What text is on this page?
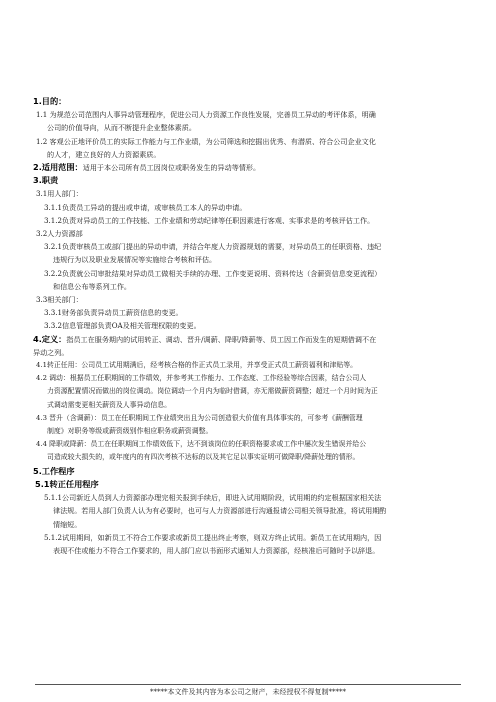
1.目的：

1.1 为规范公司范围内人事异动管理程序，促进公司人力资源工作良性发展，完善员工异动的考评体系，明确

公司的价值导向，从而不断提升企业整体素质。

1.2 客观公正地评价员工的实际工作能力与工作业绩，为公司筛选和挖掘出优秀、有潜质、符合公司企业文化

的人才，建立良好的人力资源素质。

2.适用范围：适用于本公司所有员工因岗位或职务发生的异动等情形。

3.职责

3.1用人部门：

3.1.1负责员工异动的提出或申请，或审核员工本人的异动申请。

3.1.2负责对异动员工的工作技能、工作业绩和劳动纪律等任职因素进行客观、实事求是的考核评估工作。

3.2人力资源部

3.2.1负责审核员工或部门提出的异动申请，并结合年度人力资源规划的需要，对异动员工的任职资格、违纪

违规行为以及职业发展情况等实施综合考核和评估。

3.2.2负责就公司审批结果对异动员工做相关手续的办理、工作变更说明、资料传达（含薪资信息变更流程）

和信息公布等系列工作。

3.3相关部门：

3.3.1财务部负责异动员工薪资信息的变更。

3.3.2信息管理部负责OA及相关管理权限的变更。

4.定义：指员工在服务期内的试用转正、调动、晋升/调薪、降职/降薪等、员工因工作而发生的短期借调不在

异动之列。

4.1转正任用：公司员工试用期满后，经考核合格的作正式员工录用，并享受正式员工薪资福利和津贴等。

4.2 调动：根据员工任职期间的工作绩效，并参考其工作能力、工作态度、工作经验等综合因素，结合公司人

力资源配置情况而做出的岗位调动。岗位调动一个月内为临时借调，亦无需做薪资调整；超过一个月时间为正

式调动需变更相关薪资及人事异动信息。

4.3 晋升（含调薪）：员工在任职期间工作业绩突出且为公司创造很大价值有具体事实的，可参考《薪酬管理

制度》对职务等级或薪资级别作相应职务或薪资调整。

4.4 降职或降薪：员工在任职期间工作绩效低下，达不到该岗位的任职资格要求或工作中屡次发生错误并给公

司造成较大损失的，或年度内的有四次考核不达标的以及其它足以事实证明可做降职/降薪处理的情形。

5.工作程序

5.1转正任用程序

5.1.1公司新近人员到人力资源部办理完相关报到手续后，即进入试用期阶段，试用期的约定根据国家相关法

律法规。若用人部门负责人认为有必要时，也可与人力资源部进行沟通报请公司相关领导批准，将试用期酌

情缩短。

5.1.2试用期间，如新员工不符合工作要求或新员工提出终止考察，则双方终止试用。新员工在试用期内，因

表现不佳或能力不符合工作要求的，用人部门应以书面形式通知人力资源部，经核准后可随时予以辞退。

*****本文件及其内容为本公司之财产，未经授权不得复制*****
